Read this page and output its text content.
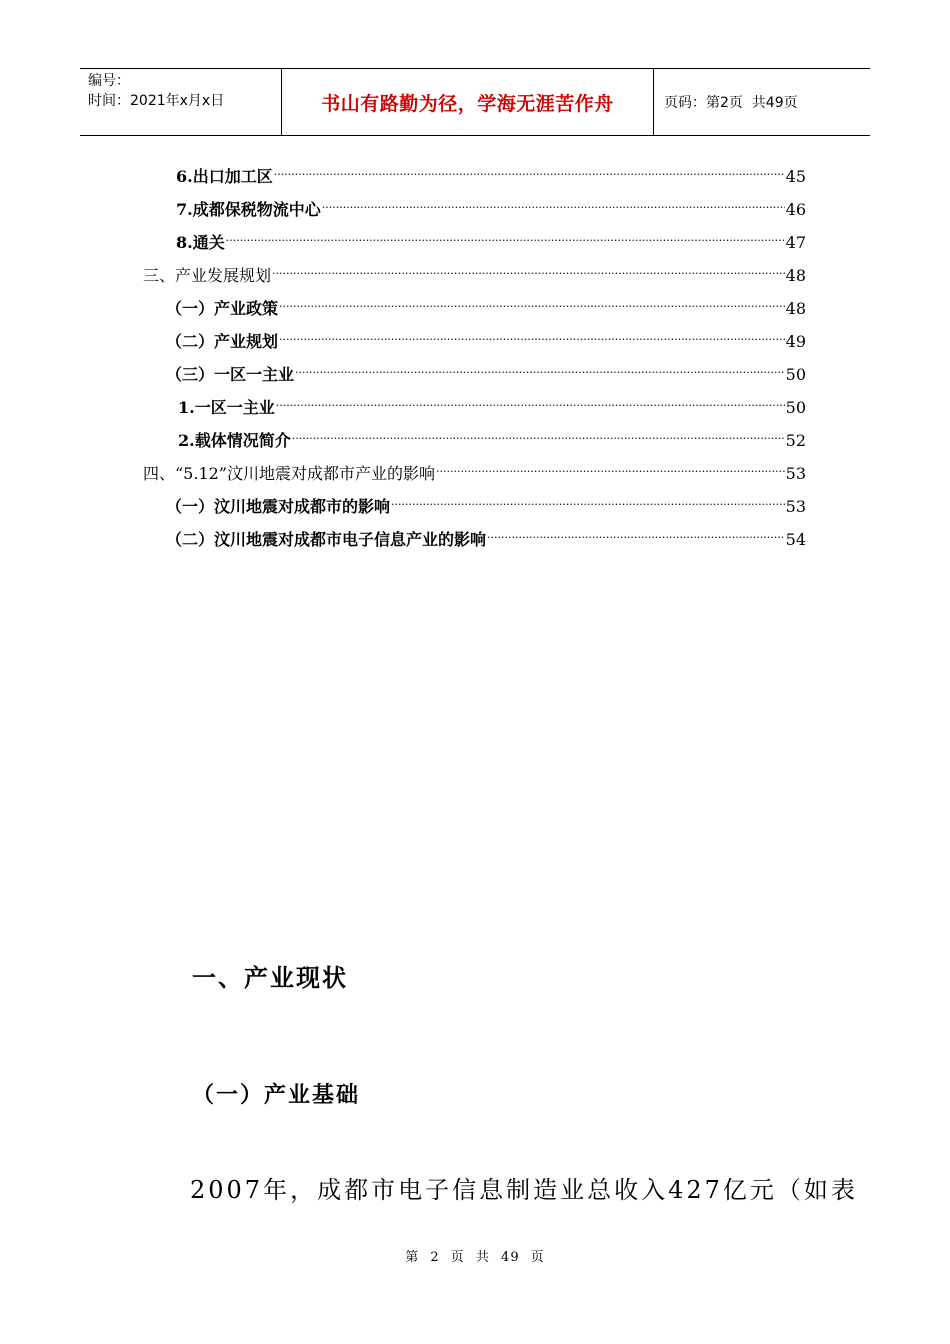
编号：
时间：2021年x月x日	书山有路勤为径，学海无涯苦作舟	页码：第2页  共49页
6.出口加工区 .....	45
7.成都保税物流中心 .....	46
8.通关 .....	47
三、产业发展规划 .....	48
（一）产业政策 .....	48
（二）产业规划 .....	49
（三）一区一主业 .....	50
1.一区一主业 .....	50
2.载体情况简介 .....	52
四、“5.12”汶川地震对成都市产业的影响 .....	53
（一）汶川地震对成都市的影响 .....	53
（二）汶川地震对成都市电子信息产业的影响 .....	54
一、产业现状
（一）产业基础
2007年，成都市电子信息制造业总收入427亿元（如表
第 2 页 共 49 页
